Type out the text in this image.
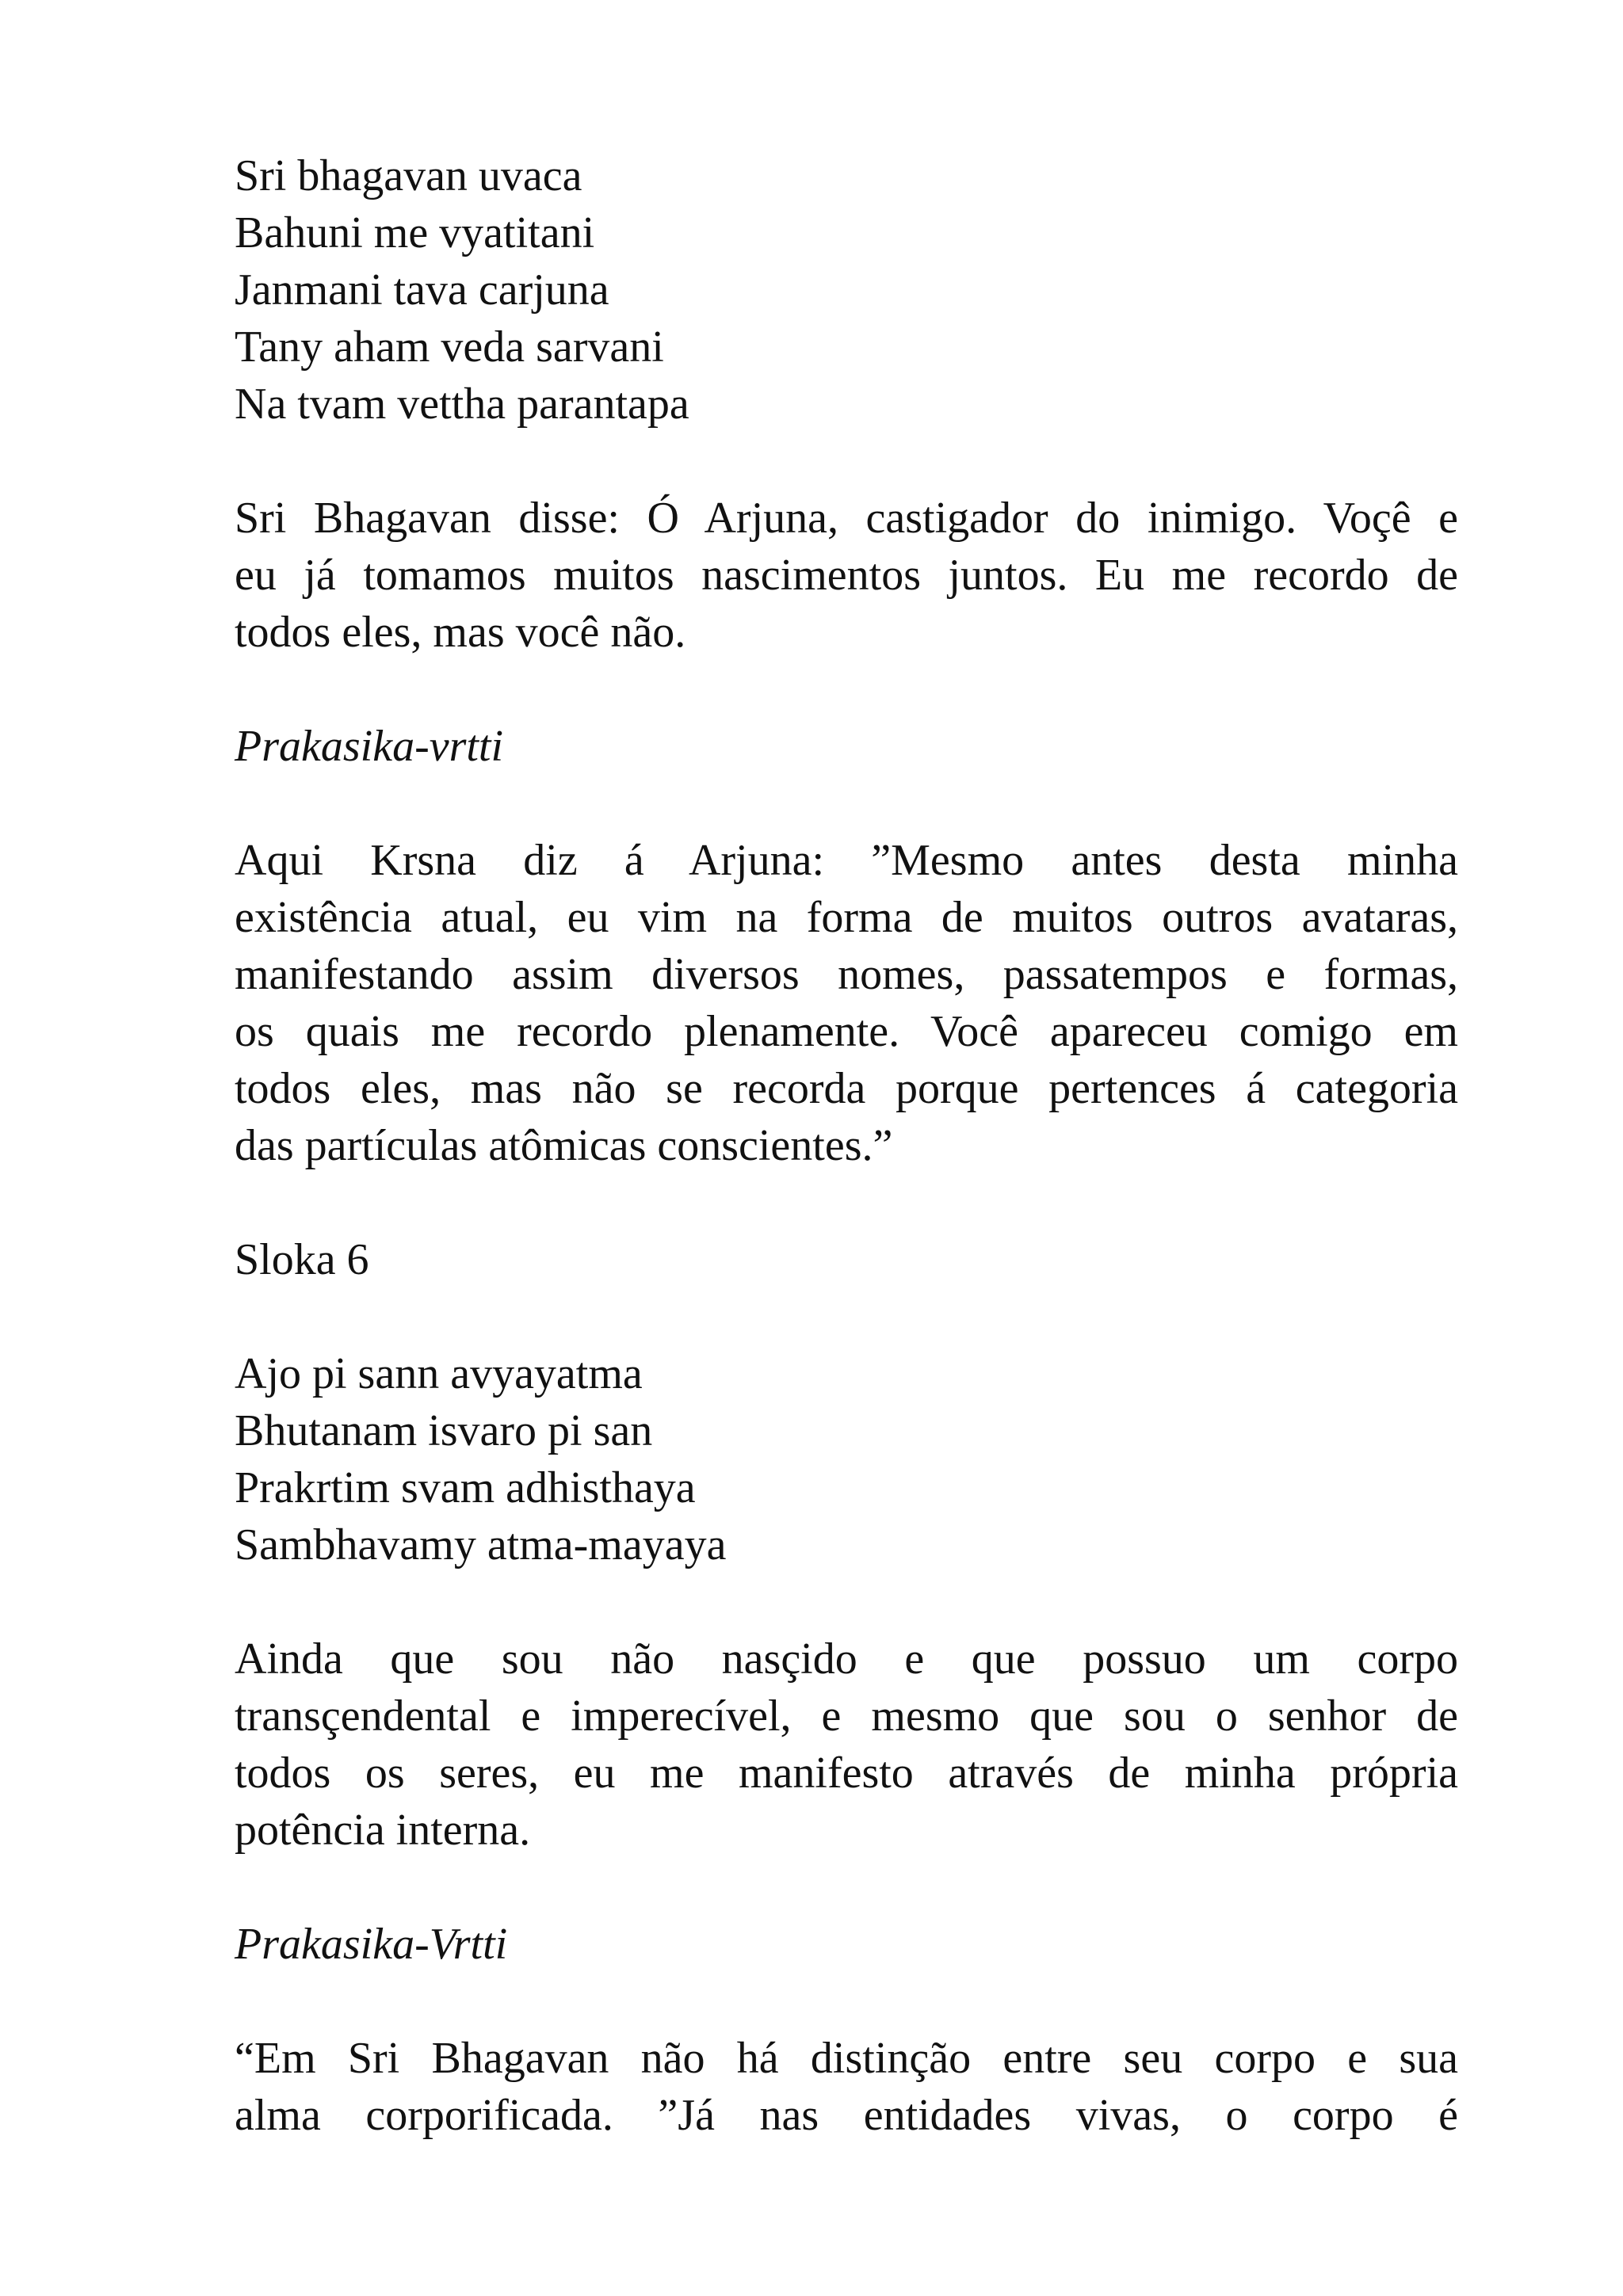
Sri bhagavan uvaca
Bahuni me vyatitani
Janmani tava carjuna
Tany aham veda sarvani
Na tvam vettha parantapa
Sri Bhagavan disse: Ó Arjuna, castigador do inimigo. Voçê e
eu já tomamos muitos nascimentos juntos. Eu me recordo de
todos eles, mas você não.
Prakasika-vrtti
Aqui Krsna diz á Arjuna: ”Mesmo antes desta minha
existência atual, eu vim na forma de muitos outros avataras,
manifestando assim diversos nomes, passatempos e formas,
os quais me recordo plenamente. Você apareceu comigo em
todos eles, mas não se recorda porque pertences á categoria
das partículas atômicas conscientes.”
Sloka 6
Ajo pi sann avyayatma
Bhutanam isvaro pi san
Prakrtim svam adhisthaya
Sambhavamy atma-mayaya
Ainda que sou não nasçido e que possuo um corpo
transçendental e imperecível, e mesmo que sou o senhor de
todos os seres, eu me manifesto através de minha própria
potência interna.
Prakasika-Vrtti
“Em Sri Bhagavan não há distinção entre seu corpo e sua
alma corporificada. ”Já nas entidades vivas, o corpo é
